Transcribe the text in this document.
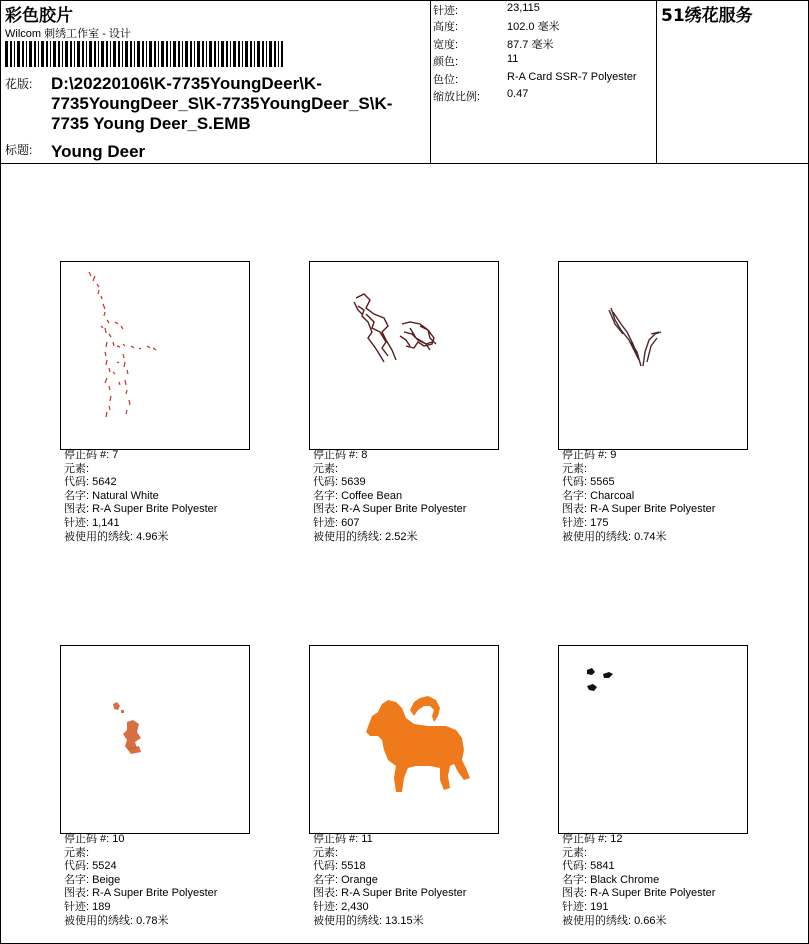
彩色胶片
Wilcom 刺绣工作室 - 设计
花版: D:\20220106\K-7735YoungDeer\K-7735YoungDeer_S\K-7735YoungDeer_S\K-7735 Young Deer_S.EMB
标题: Young Deer
针迹:	23,115
高度:	102.0 毫米
宽度:	87.7 毫米
颜色:	11
色位:	R-A Card SSR-7 Polyester
缩放比例:	0.47
51绣花服务
停止码 #: 7
元素:
代码: 5642
名字: Natural White
图表: R-A Super Brite Polyester
针迹: 1,141
被使用的绣线: 4.96米
停止码 #: 8
元素:
代码: 5639
名字: Coffee Bean
图表: R-A Super Brite Polyester
针迹: 607
被使用的绣线: 2.52米
停止码 #: 9
元素:
代码: 5565
名字: Charcoal
图表: R-A Super Brite Polyester
针迹: 175
被使用的绣线: 0.74米
停止码 #: 10
元素:
代码: 5524
名字: Beige
图表: R-A Super Brite Polyester
针迹: 189
被使用的绣线: 0.78米
停止码 #: 11
元素:
代码: 5518
名字: Orange
图表: R-A Super Brite Polyester
针迹: 2,430
被使用的绣线: 13.15米
停止码 #: 12
元素:
代码: 5841
名字: Black Chrome
图表: R-A Super Brite Polyester
针迹: 191
被使用的绣线: 0.66米
